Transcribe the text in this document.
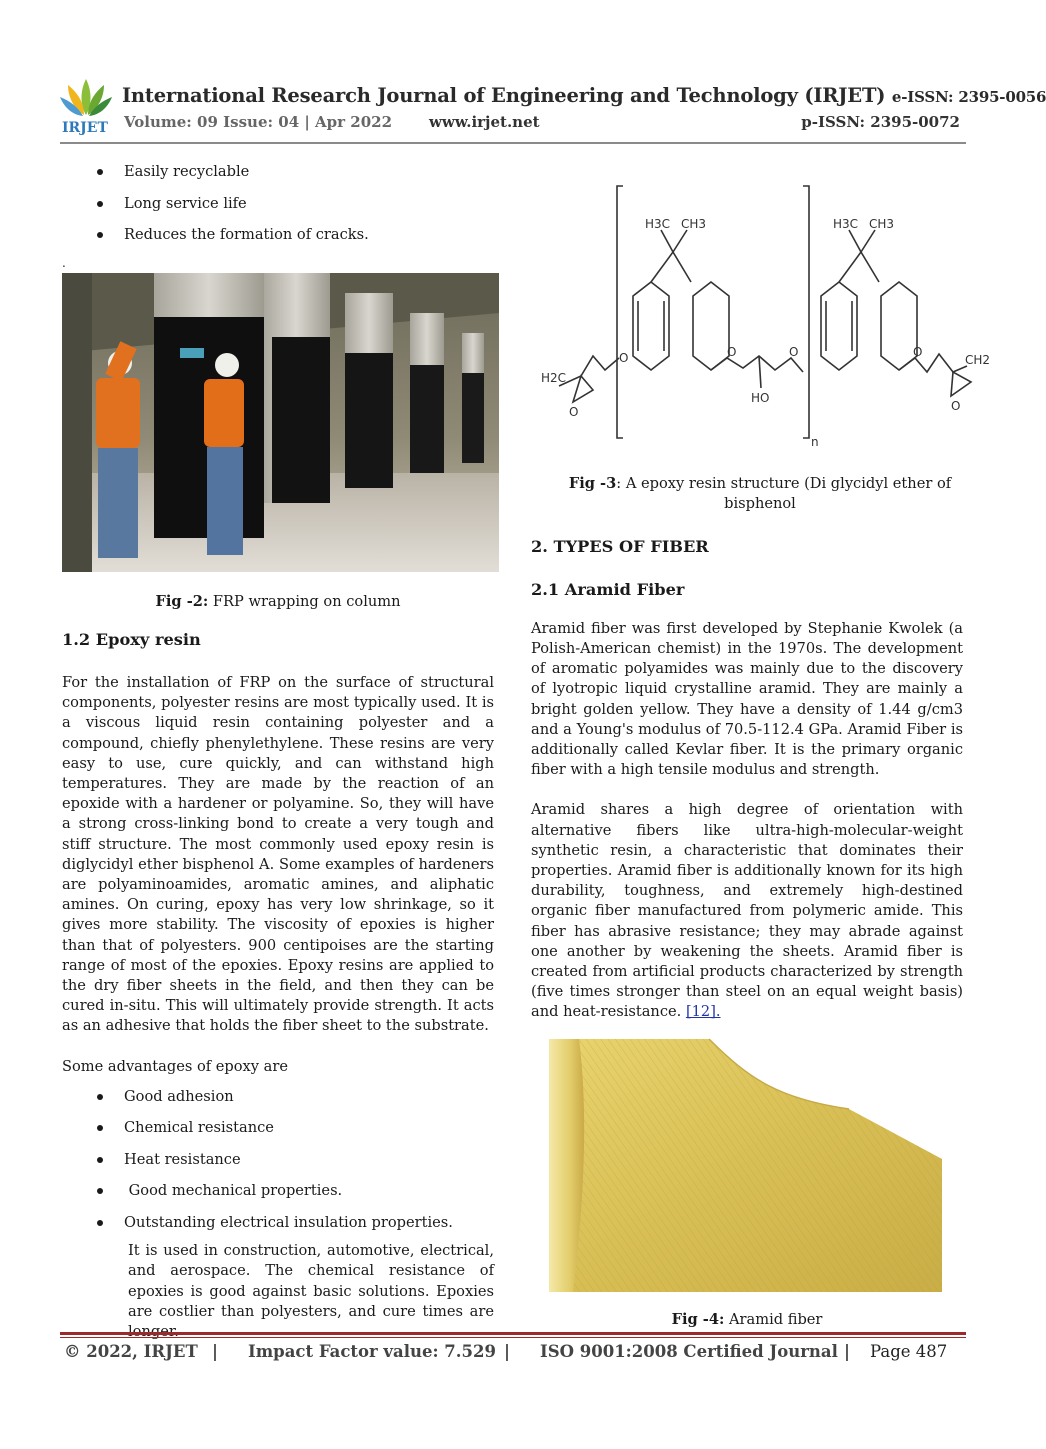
IRJET
International Research Journal of Engineering and Technology (IRJET) e-ISSN: 2395-0056
Volume: 09 Issue: 04 | Apr 2022 www.irjet.net	p-ISSN: 2395-0072
Easily recyclable
Long service life
Reduces the formation of cracks.
.
Fig -2: FRP wrapping on column
1.2 Epoxy resin

For the installation of FRP on the surface of structural components, polyester resins are most typically used. It is a viscous liquid resin containing polyester and a compound, chiefly phenylethylene. These resins are very easy to use, cure quickly, and can withstand high temperatures. They are made by the reaction of an epoxide with a hardener or polyamine. So, they will have a strong cross-linking bond to create a very tough and stiff structure. The most commonly used epoxy resin is diglycidyl ether bisphenol A. Some examples of hardeners are polyaminoamides, aromatic amines, and aliphatic amines. On curing, epoxy has very low shrinkage, so it gives more stability. The viscosity of epoxies is higher than that of polyesters. 900 centipoises are the starting range of most of the epoxies. Epoxy resins are applied to the dry fiber sheets in the field, and then they can be cured in-situ. This will ultimately provide strength. It acts as an adhesive that holds the fiber sheet to the substrate.

Some advantages of epoxy are

Good adhesion
Chemical resistance
Heat resistance
Good mechanical properties.
Outstanding electrical insulation properties.

It is used in construction, automotive, electrical, and aerospace. The chemical resistance of epoxies is good against basic solutions. Epoxies are costlier than polyesters, and cure times are

H3C CH3	H3C CH3
H2C
CH2
O
O
O	O	O
O
HO
n
Fig -3: A epoxy resin structure (Di glycidyl ether of bisphenol
2. TYPES OF FIBER
2.1 Aramid Fiber

Aramid fiber was first developed by Stephanie Kwolek (a Polish-American chemist) in the 1970s. The development of aromatic polyamides was mainly due to the discovery of lyotropic liquid crystalline aramid. They are mainly a bright golden yellow. They have a density of 1.44 g/cm3 and a Young's modulus of 70.5-112.4 GPa. Aramid Fiber is additionally called Kevlar fiber. It is the primary organic fiber with a high tensile modulus and strength.

Aramid shares a high degree of orientation with alternative fibers like ultra-high-molecular-weight synthetic resin, a characteristic that dominates their properties. Aramid fiber is additionally known for its high durability, toughness, and extremely high-destined organic fiber manufactured from polymeric amide. This fiber has abrasive resistance; they may abrade against one another by weakening the sheets. Aramid fiber is created from artificial products characterized by strength (five times stronger than steel on an equal weight basis) and heat-resistance. [12].

Fig -4: Aramid fiber
© 2022, IRJET | Impact Factor value: 7.529 | ISO 9001:2008 Certified Journal | Page 487
